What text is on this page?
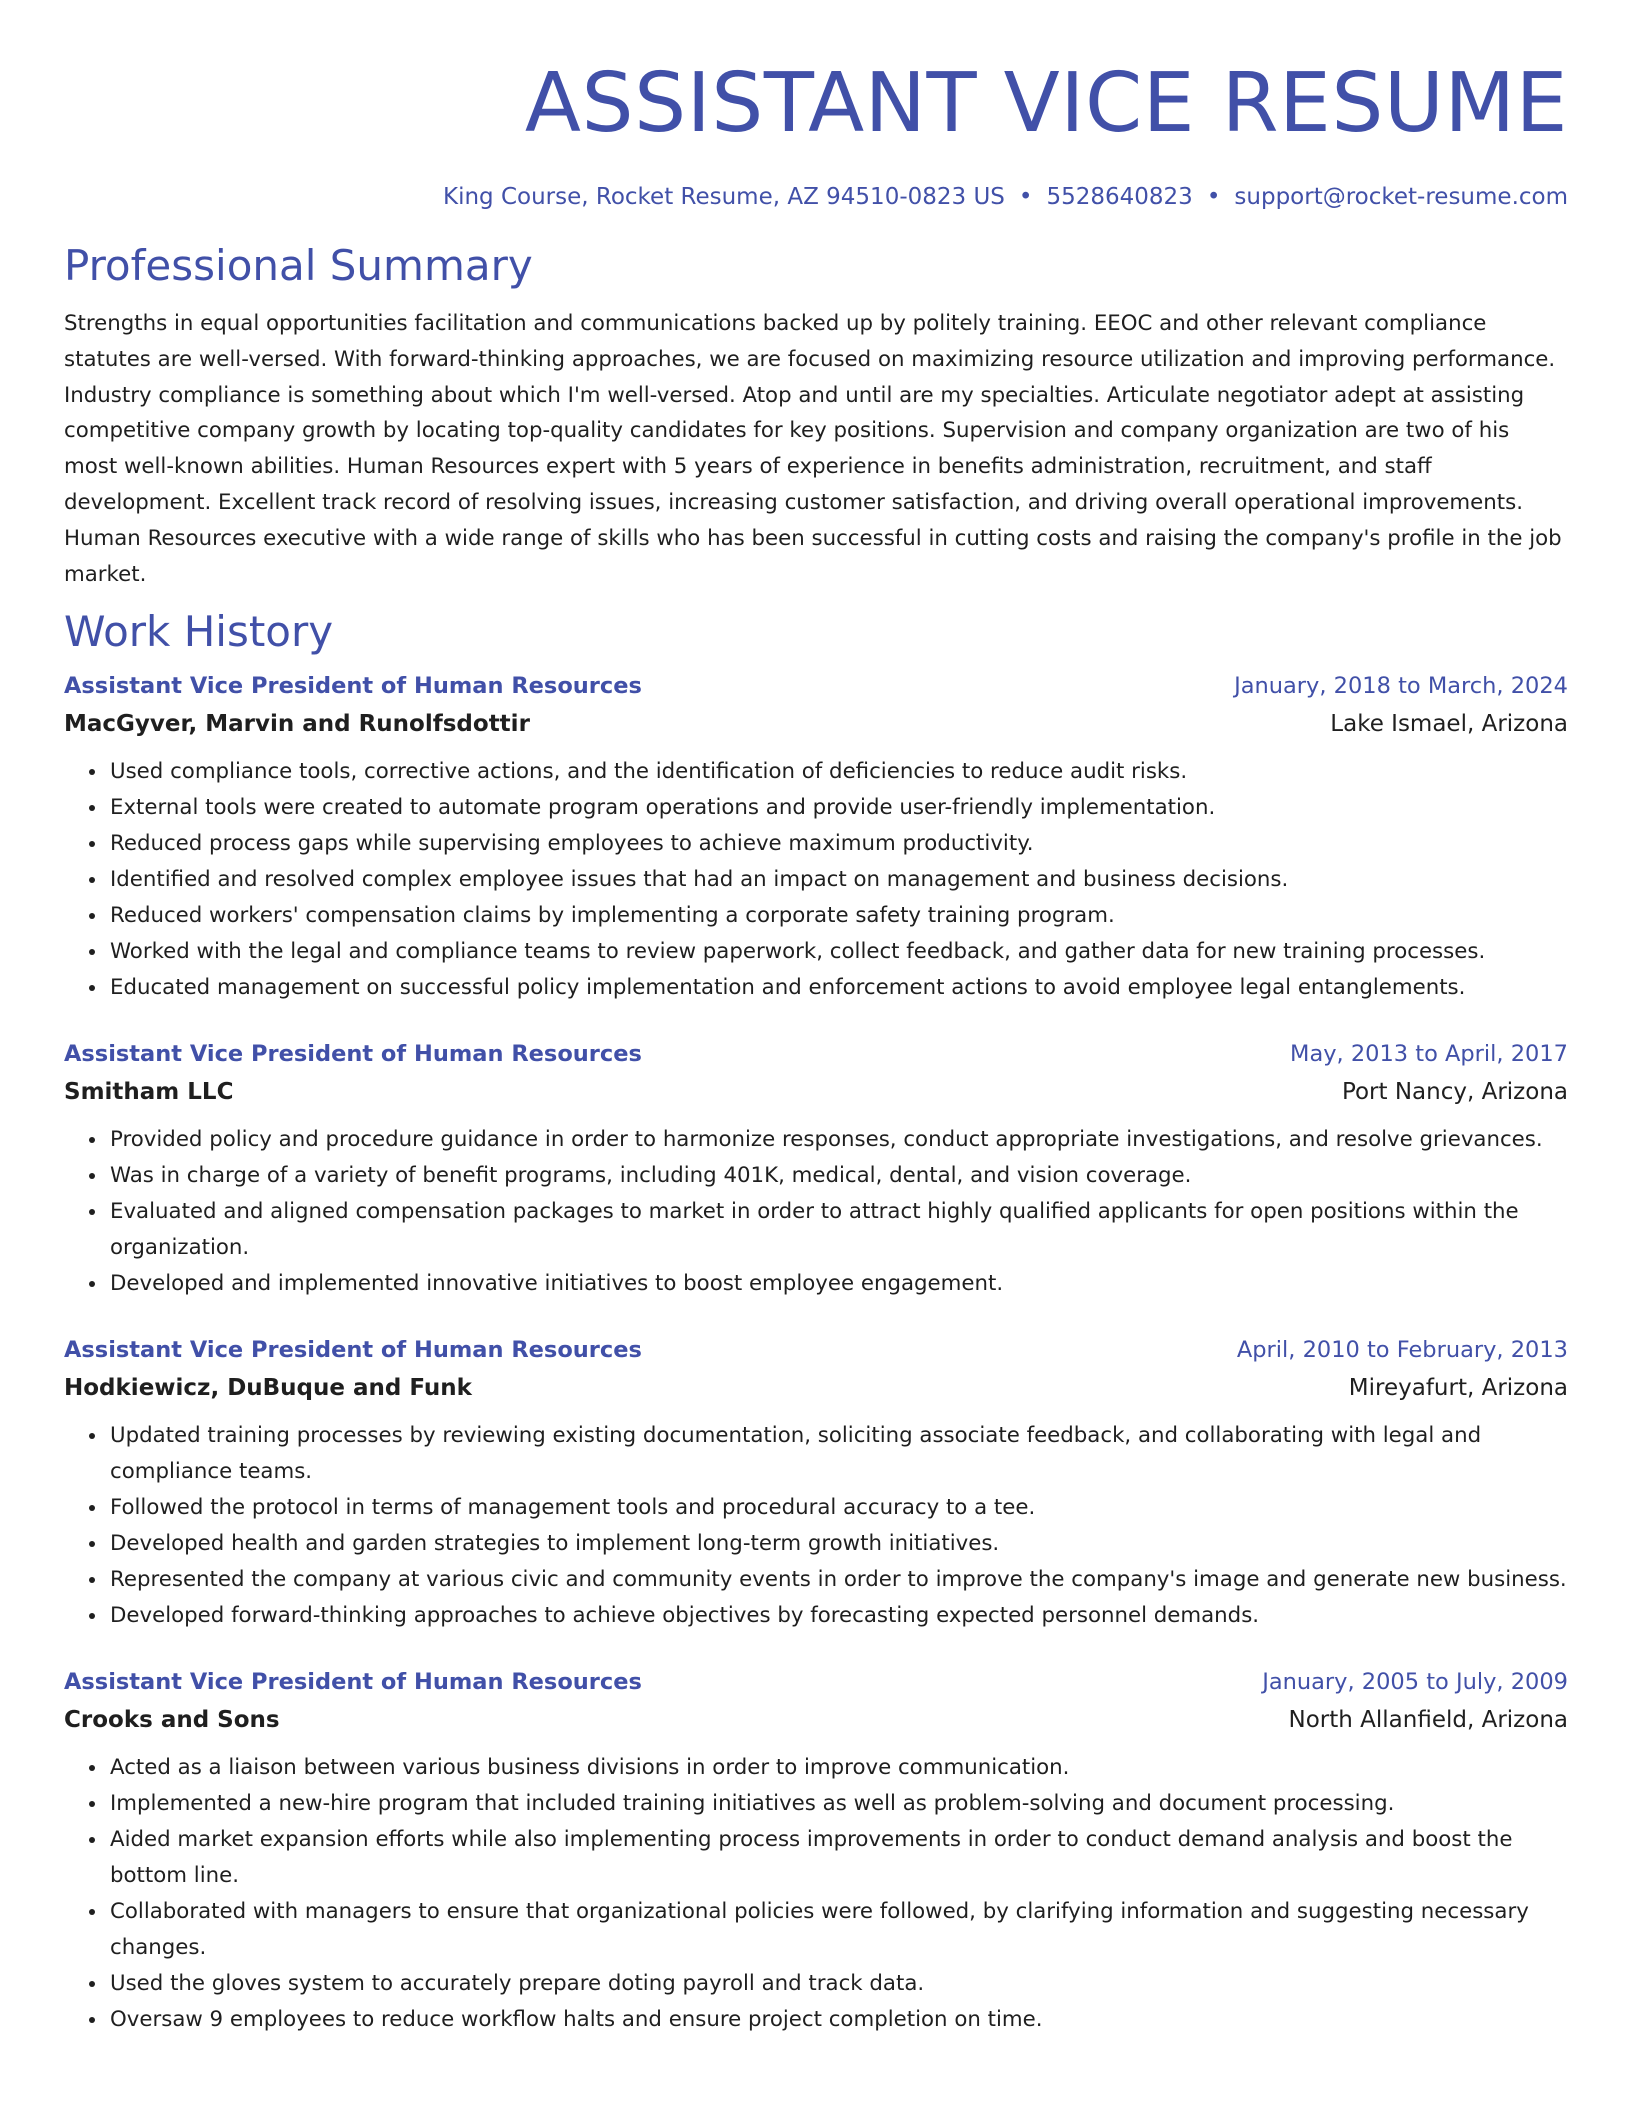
ASSISTANT VICE RESUME
King Course, Rocket Resume, AZ 94510-0823 US • 5528640823 • support@rocket-resume.com
Professional Summary
Strengths in equal opportunities facilitation and communications backed up by politely training. EEOC and other relevant compliance statutes are well-versed. With forward-thinking approaches, we are focused on maximizing resource utilization and improving performance. Industry compliance is something about which I'm well-versed. Atop and until are my specialties. Articulate negotiator adept at assisting competitive company growth by locating top-quality candidates for key positions. Supervision and company organization are two of his most well-known abilities. Human Resources expert with 5 years of experience in benefits administration, recruitment, and staff development. Excellent track record of resolving issues, increasing customer satisfaction, and driving overall operational improvements. Human Resources executive with a wide range of skills who has been successful in cutting costs and raising the company's profile in the job market.
Work History
Assistant Vice President of Human Resources	January, 2018 to March, 2024
MacGyver, Marvin and Runolfsdottir	Lake Ismael, Arizona
• Used compliance tools, corrective actions, and the identification of deficiencies to reduce audit risks.
• External tools were created to automate program operations and provide user-friendly implementation.
• Reduced process gaps while supervising employees to achieve maximum productivity.
• Identified and resolved complex employee issues that had an impact on management and business decisions.
• Reduced workers' compensation claims by implementing a corporate safety training program.
• Worked with the legal and compliance teams to review paperwork, collect feedback, and gather data for new training processes.
• Educated management on successful policy implementation and enforcement actions to avoid employee legal entanglements.
Assistant Vice President of Human Resources	May, 2013 to April, 2017
Smitham LLC	Port Nancy, Arizona
• Provided policy and procedure guidance in order to harmonize responses, conduct appropriate investigations, and resolve grievances.
• Was in charge of a variety of benefit programs, including 401K, medical, dental, and vision coverage.
• Evaluated and aligned compensation packages to market in order to attract highly qualified applicants for open positions within the organization.
• Developed and implemented innovative initiatives to boost employee engagement.
Assistant Vice President of Human Resources	April, 2010 to February, 2013
Hodkiewicz, DuBuque and Funk	Mireyafurt, Arizona
• Updated training processes by reviewing existing documentation, soliciting associate feedback, and collaborating with legal and compliance teams.
• Followed the protocol in terms of management tools and procedural accuracy to a tee.
• Developed health and garden strategies to implement long-term growth initiatives.
• Represented the company at various civic and community events in order to improve the company's image and generate new business.
• Developed forward-thinking approaches to achieve objectives by forecasting expected personnel demands.
Assistant Vice President of Human Resources	January, 2005 to July, 2009
Crooks and Sons	North Allanfield, Arizona
• Acted as a liaison between various business divisions in order to improve communication.
• Implemented a new-hire program that included training initiatives as well as problem-solving and document processing.
• Aided market expansion efforts while also implementing process improvements in order to conduct demand analysis and boost the bottom line.
• Collaborated with managers to ensure that organizational policies were followed, by clarifying information and suggesting necessary changes.
• Used the gloves system to accurately prepare doting payroll and track data.
• Oversaw 9 employees to reduce workflow halts and ensure project completion on time.
